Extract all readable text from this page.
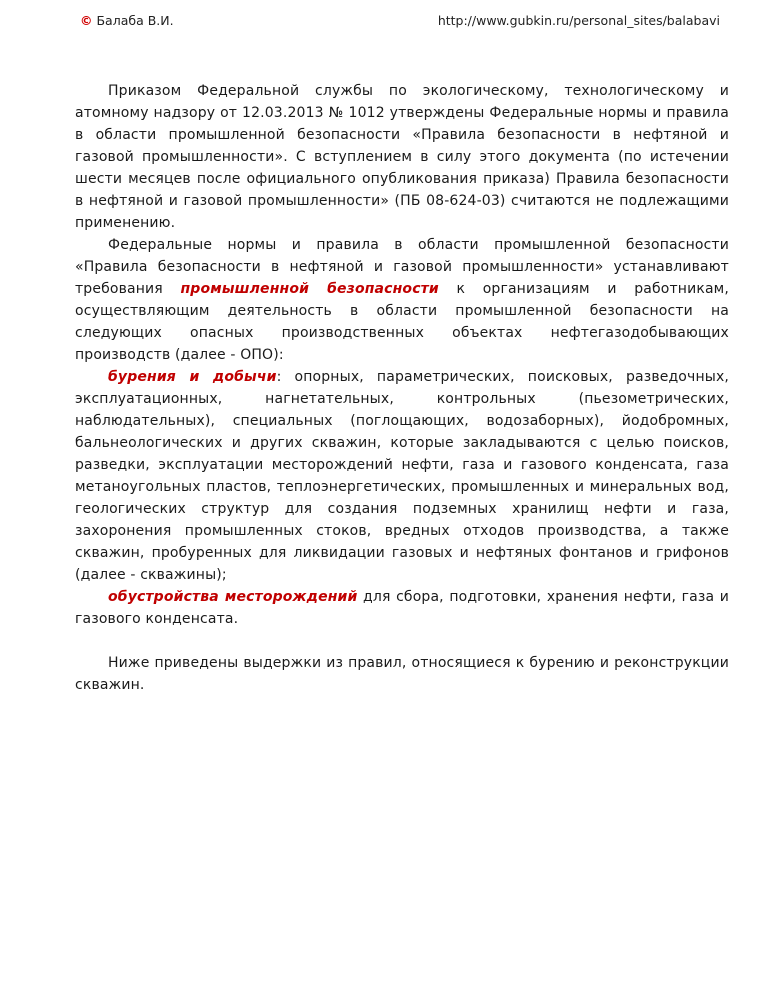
© Балаба В.И.	http://www.gubkin.ru/personal_sites/balabavi

Приказом Федеральной службы по экологическому, технологическому и атомному надзору от 12.03.2013 № 1012 утверждены Федеральные нормы и правила в области промышленной безопасности «Правила безопасности в нефтяной и газовой промышленности». С вступлением в силу этого документа (по истечении шести месяцев после официального опубликования приказа) Правила безопасности в нефтяной и газовой промышленности» (ПБ 08-624-03) считаются не подлежащими применению.

Федеральные нормы и правила в области промышленной безопасности «Правила безопасности в нефтяной и газовой промышленности» устанавливают требования промышленной безопасности к организациям и работникам, осуществляющим деятельность в области промышленной безопасности на следующих опасных производственных объектах нефтегазодобывающих производств (далее - ОПО):

бурения и добычи: опорных, параметрических, поисковых, разведочных, эксплуатационных, нагнетательных, контрольных (пьезометрических, наблюдательных), специальных (поглощающих, водозаборных), йодобромных, бальнеологических и других скважин, которые закладываются с целью поисков, разведки, эксплуатации месторождений нефти, газа и газового конденсата, газа метаноугольных пластов, теплоэнергетических, промышленных и минеральных вод, геологических структур для создания подземных хранилищ нефти и газа, захоронения промышленных стоков, вредных отходов производства, а также скважин, пробуренных для ликвидации газовых и нефтяных фонтанов и грифонов (далее - скважины);

обустройства месторождений для сбора, подготовки, хранения нефти, газа и газового конденсата.

Ниже приведены выдержки из правил, относящиеся к бурению и реконструкции скважин.
